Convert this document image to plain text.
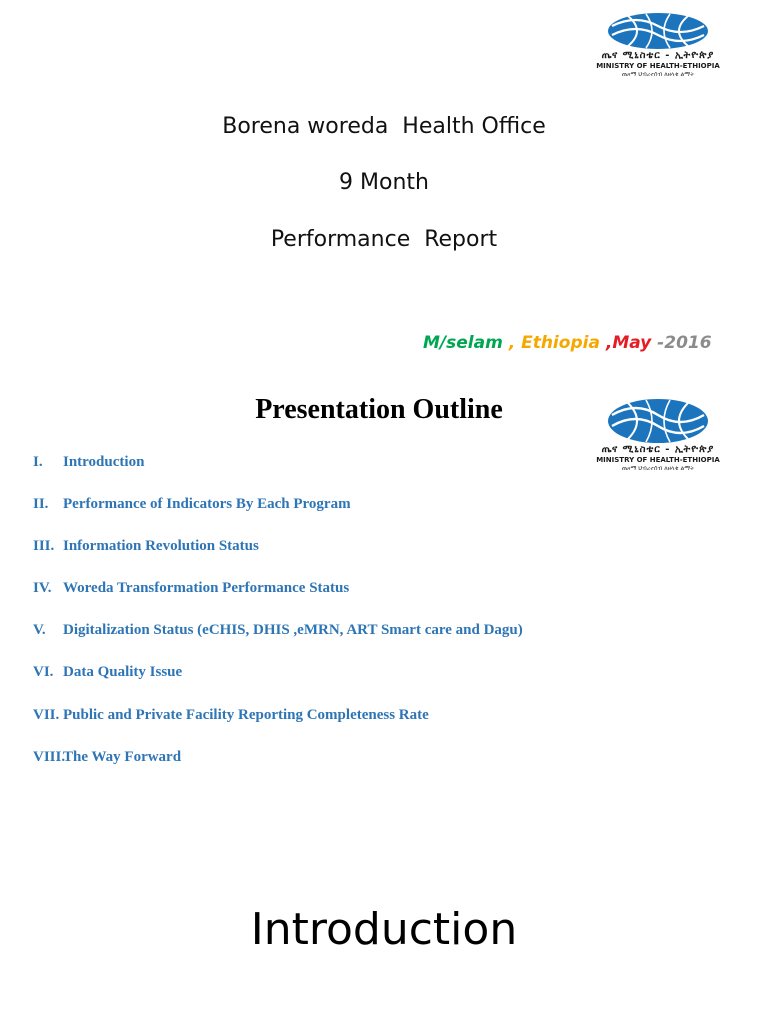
ጤና ሚኒስቴር - ኢትዮጵያ
MINISTRY OF HEALTH-ETHIOPIA
ጤናማ ህብረተሰብ ለዘላቂ ልማት
Borena woreda  Health Office
9 Month
Performance  Report
M/selam , Ethiopia ,May -2016
Presentation Outline
ጤና ሚኒስቴር - ኢትዮጵያ
MINISTRY OF HEALTH-ETHIOPIA
ጤናማ ህብረተሰብ ለዘላቂ ልማት
I. Introduction
II. Performance of Indicators By Each Program
III. Information Revolution Status
IV. Woreda Transformation Performance Status
V. Digitalization Status (eCHIS, DHIS ,eMRN, ART Smart care and Dagu)
VI. Data Quality Issue
VII. Public and Private Facility Reporting Completeness Rate
VIII.
The Way Forward
Introduction
